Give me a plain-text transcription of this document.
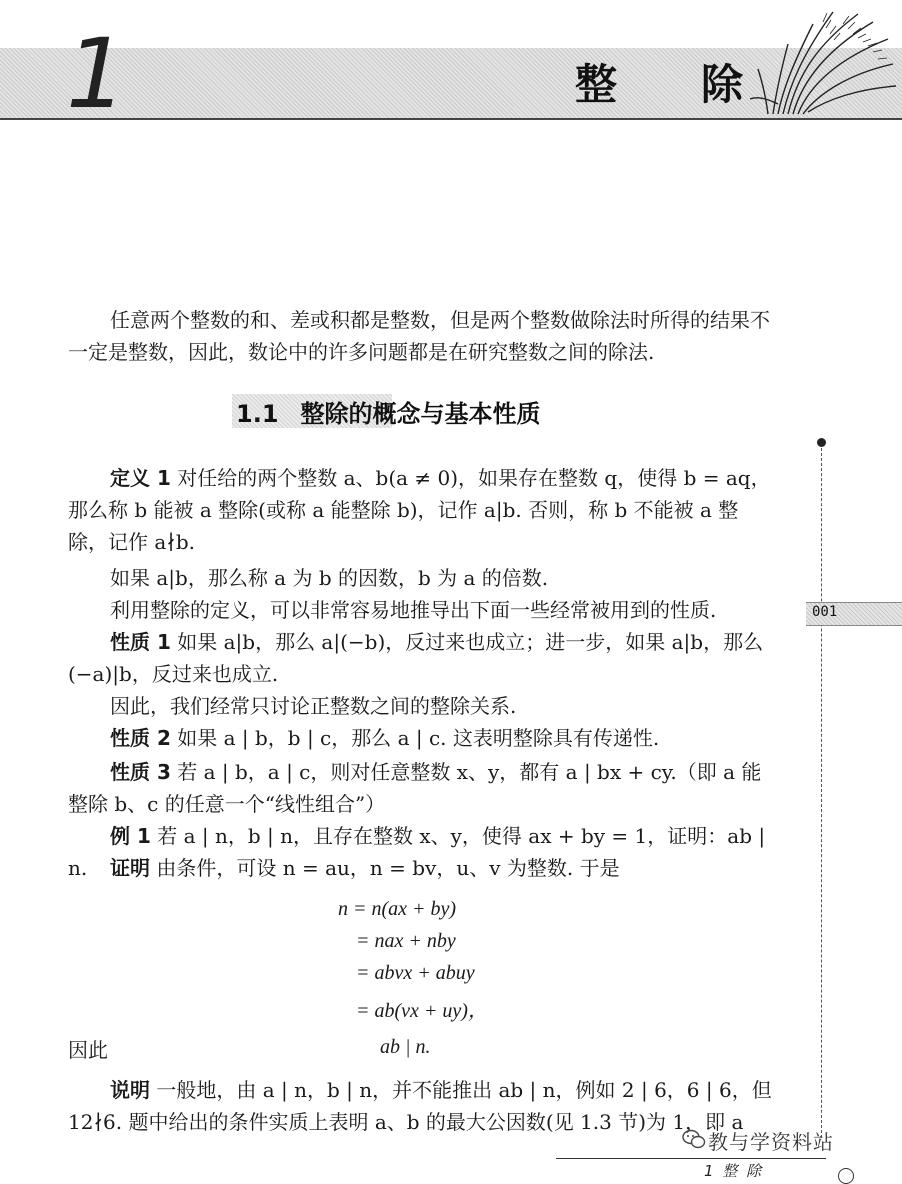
1	整除
任意两个整数的和、差或积都是整数，但是两个整数做除法时所得的结果不一定是整数，因此，数论中的许多问题都是在研究整数之间的除法.
1.1 整除的概念与基本性质
定义 1 对任给的两个整数 a、b(a ≠ 0)，如果存在整数 q，使得 b = aq，那么称 b 能被 a 整除(或称 a 能整除 b)，记作 a|b. 否则，称 b 不能被 a 整除，记作 a∤b.
如果 a|b，那么称 a 为 b 的因数，b 为 a 的倍数.
利用整除的定义，可以非常容易地推导出下面一些经常被用到的性质.
性质 1 如果 a|b，那么 a|(−b)，反过来也成立；进一步，如果 a|b，那么 (−a)|b，反过来也成立.
因此，我们经常只讨论正整数之间的整除关系.
性质 2 如果 a | b，b | c，那么 a | c. 这表明整除具有传递性.
性质 3 若 a | b，a | c，则对任意整数 x、y，都有 a | bx + cy.（即 a 能整除 b、c 的任意一个“线性组合”）
例 1 若 a | n，b | n，且存在整数 x、y，使得 ax + by = 1，证明：ab | n.	证明 由条件，可设 n = au，n = bv，u、v 为整数. 于是
n = n(ax + by)
= nax + nby
= abvx + abuy
= ab(vx + uy)，
因此	ab | n.
说明 一般地，由 a | n，b | n，并不能推出 ab | n，例如 2 | 6，6 | 6，但 12∤6. 题中给出的条件实质上表明 a、b 的最大公因数(见 1.3 节)为 1，即 a
001
教与学资料站
1 整 除
